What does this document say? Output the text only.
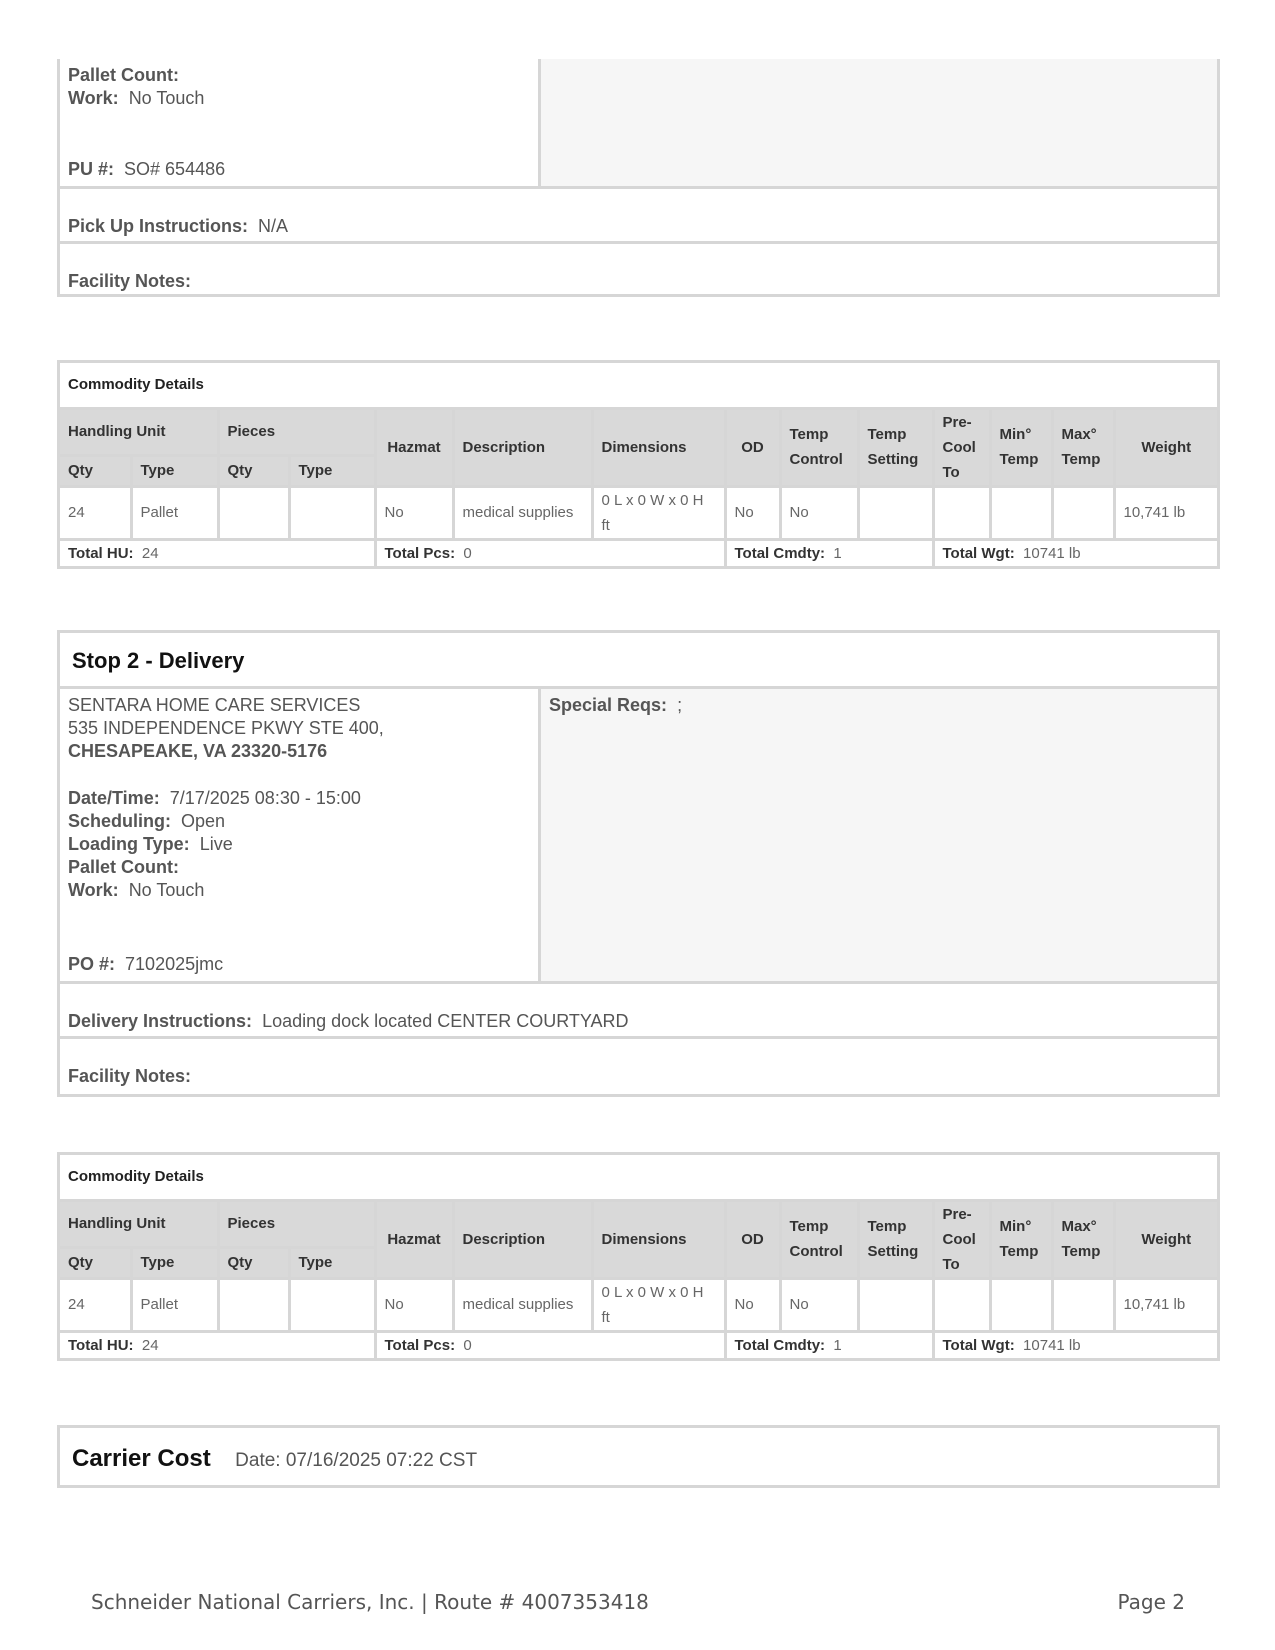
Pallet Count:
Work: No Touch
PU #: SO# 654486
Pick Up Instructions: N/A
Facility Notes:
Commodity Details													
Handling Unit		Pieces		Hazmat	Description	Dimensions	OD	Temp Control	Temp Setting	Pre-Cool To	Min° Temp	Max° Temp	Weight
Qty	Type	Qty	Type										
24	Pallet			No	medical supplies	0 L x 0 W x 0 H ft	No	No					10,741 lb
Total HU: 24				Total Pcs: 0			Total Cmdty: 1			Total Wgt: 10741 lb			
Stop 2 - Delivery
SENTARA HOME CARE SERVICES
535 INDEPENDENCE PKWY STE 400,
CHESAPEAKE, VA 23320-5176
Date/Time: 7/17/2025 08:30 - 15:00
Scheduling: Open
Loading Type: Live
Pallet Count:
Work: No Touch
PO #: 7102025jmc
Special Reqs: ;
Delivery Instructions: Loading dock located CENTER COURTYARD
Facility Notes:
Commodity Details													
Handling Unit		Pieces		Hazmat	Description	Dimensions	OD	Temp Control	Temp Setting	Pre-Cool To	Min° Temp	Max° Temp	Weight
Qty	Type	Qty	Type										
24	Pallet			No	medical supplies	0 L x 0 W x 0 H ft	No	No					10,741 lb
Total HU: 24				Total Pcs: 0			Total Cmdty: 1			Total Wgt: 10741 lb			
Carrier Cost Date: 07/16/2025 07:22 CST
Schneider National Carriers, Inc. | Route # 4007353418	Page 2
